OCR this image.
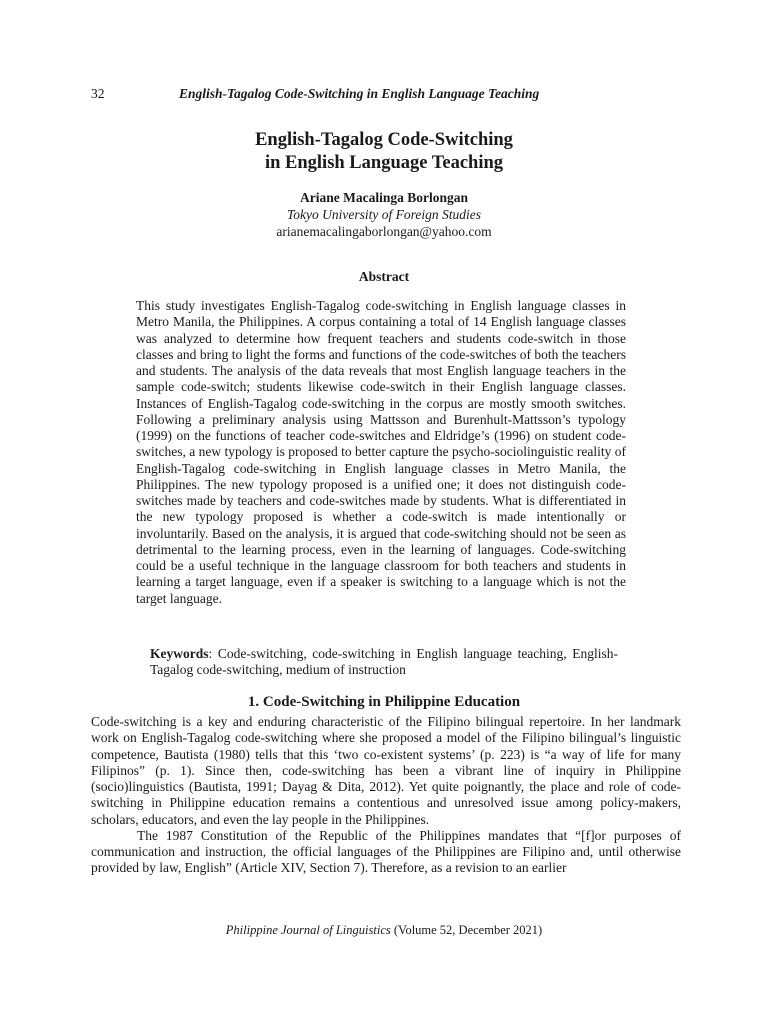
32	English-Tagalog Code-Switching in English Language Teaching
English-Tagalog Code-Switching
in English Language Teaching
Ariane Macalinga Borlongan
Tokyo University of Foreign Studies
arianemacalingaborlongan@yahoo.com
Abstract

This study investigates English-Tagalog code-switching in English language classes in Metro Manila, the Philippines. A corpus containing a total of 14 English language classes was analyzed to determine how frequent teachers and students code-switch in those classes and bring to light the forms and functions of the code-switches of both the teachers and students. The analysis of the data reveals that most English language teachers in the sample code-switch; students likewise code-switch in their English language classes. Instances of English-Tagalog code-switching in the corpus are mostly smooth switches. Following a preliminary analysis using Mattsson and Burenhult-Mattsson’s typology (1999) on the functions of teacher code-switches and Eldridge’s (1996) on student code-switches, a new typology is proposed to better capture the psycho-sociolinguistic reality of English-Tagalog code-switching in English language classes in Metro Manila, the Philippines. The new typology proposed is a unified one; it does not distinguish code-switches made by teachers and code-switches made by students. What is differentiated in the new typology proposed is whether a code-switch is made intentionally or involuntarily. Based on the analysis, it is argued that code-switching should not be seen as detrimental to the learning process, even in the learning of languages. Code-switching could be a useful technique in the language classroom for both teachers and students in learning a target language, even if a speaker is switching to a language which is not the target language.

Keywords: Code-switching, code-switching in English language teaching, English-Tagalog code-switching, medium of instruction

1. Code-Switching in Philippine Education

Code-switching is a key and enduring characteristic of the Filipino bilingual repertoire. In her landmark work on English-Tagalog code-switching where she proposed a model of the Filipino bilingual’s linguistic competence, Bautista (1980) tells that this ‘two co-existent systems’ (p. 223) is “a way of life for many Filipinos” (p. 1). Since then, code-switching has been a vibrant line of inquiry in Philippine (socio)linguistics (Bautista, 1991; Dayag & Dita, 2012). Yet quite poignantly, the place and role of code-switching in Philippine education remains a contentious and unresolved issue among policy-makers, scholars, educators, and even the lay people in the Philippines.

The 1987 Constitution of the Republic of the Philippines mandates that “[f]or purposes of communication and instruction, the official languages of the Philippines are Filipino and, until otherwise provided by law, English” (Article XIV, Section 7). Therefore, as a revision to an earlier

Philippine Journal of Linguistics (Volume 52, December 2021)
